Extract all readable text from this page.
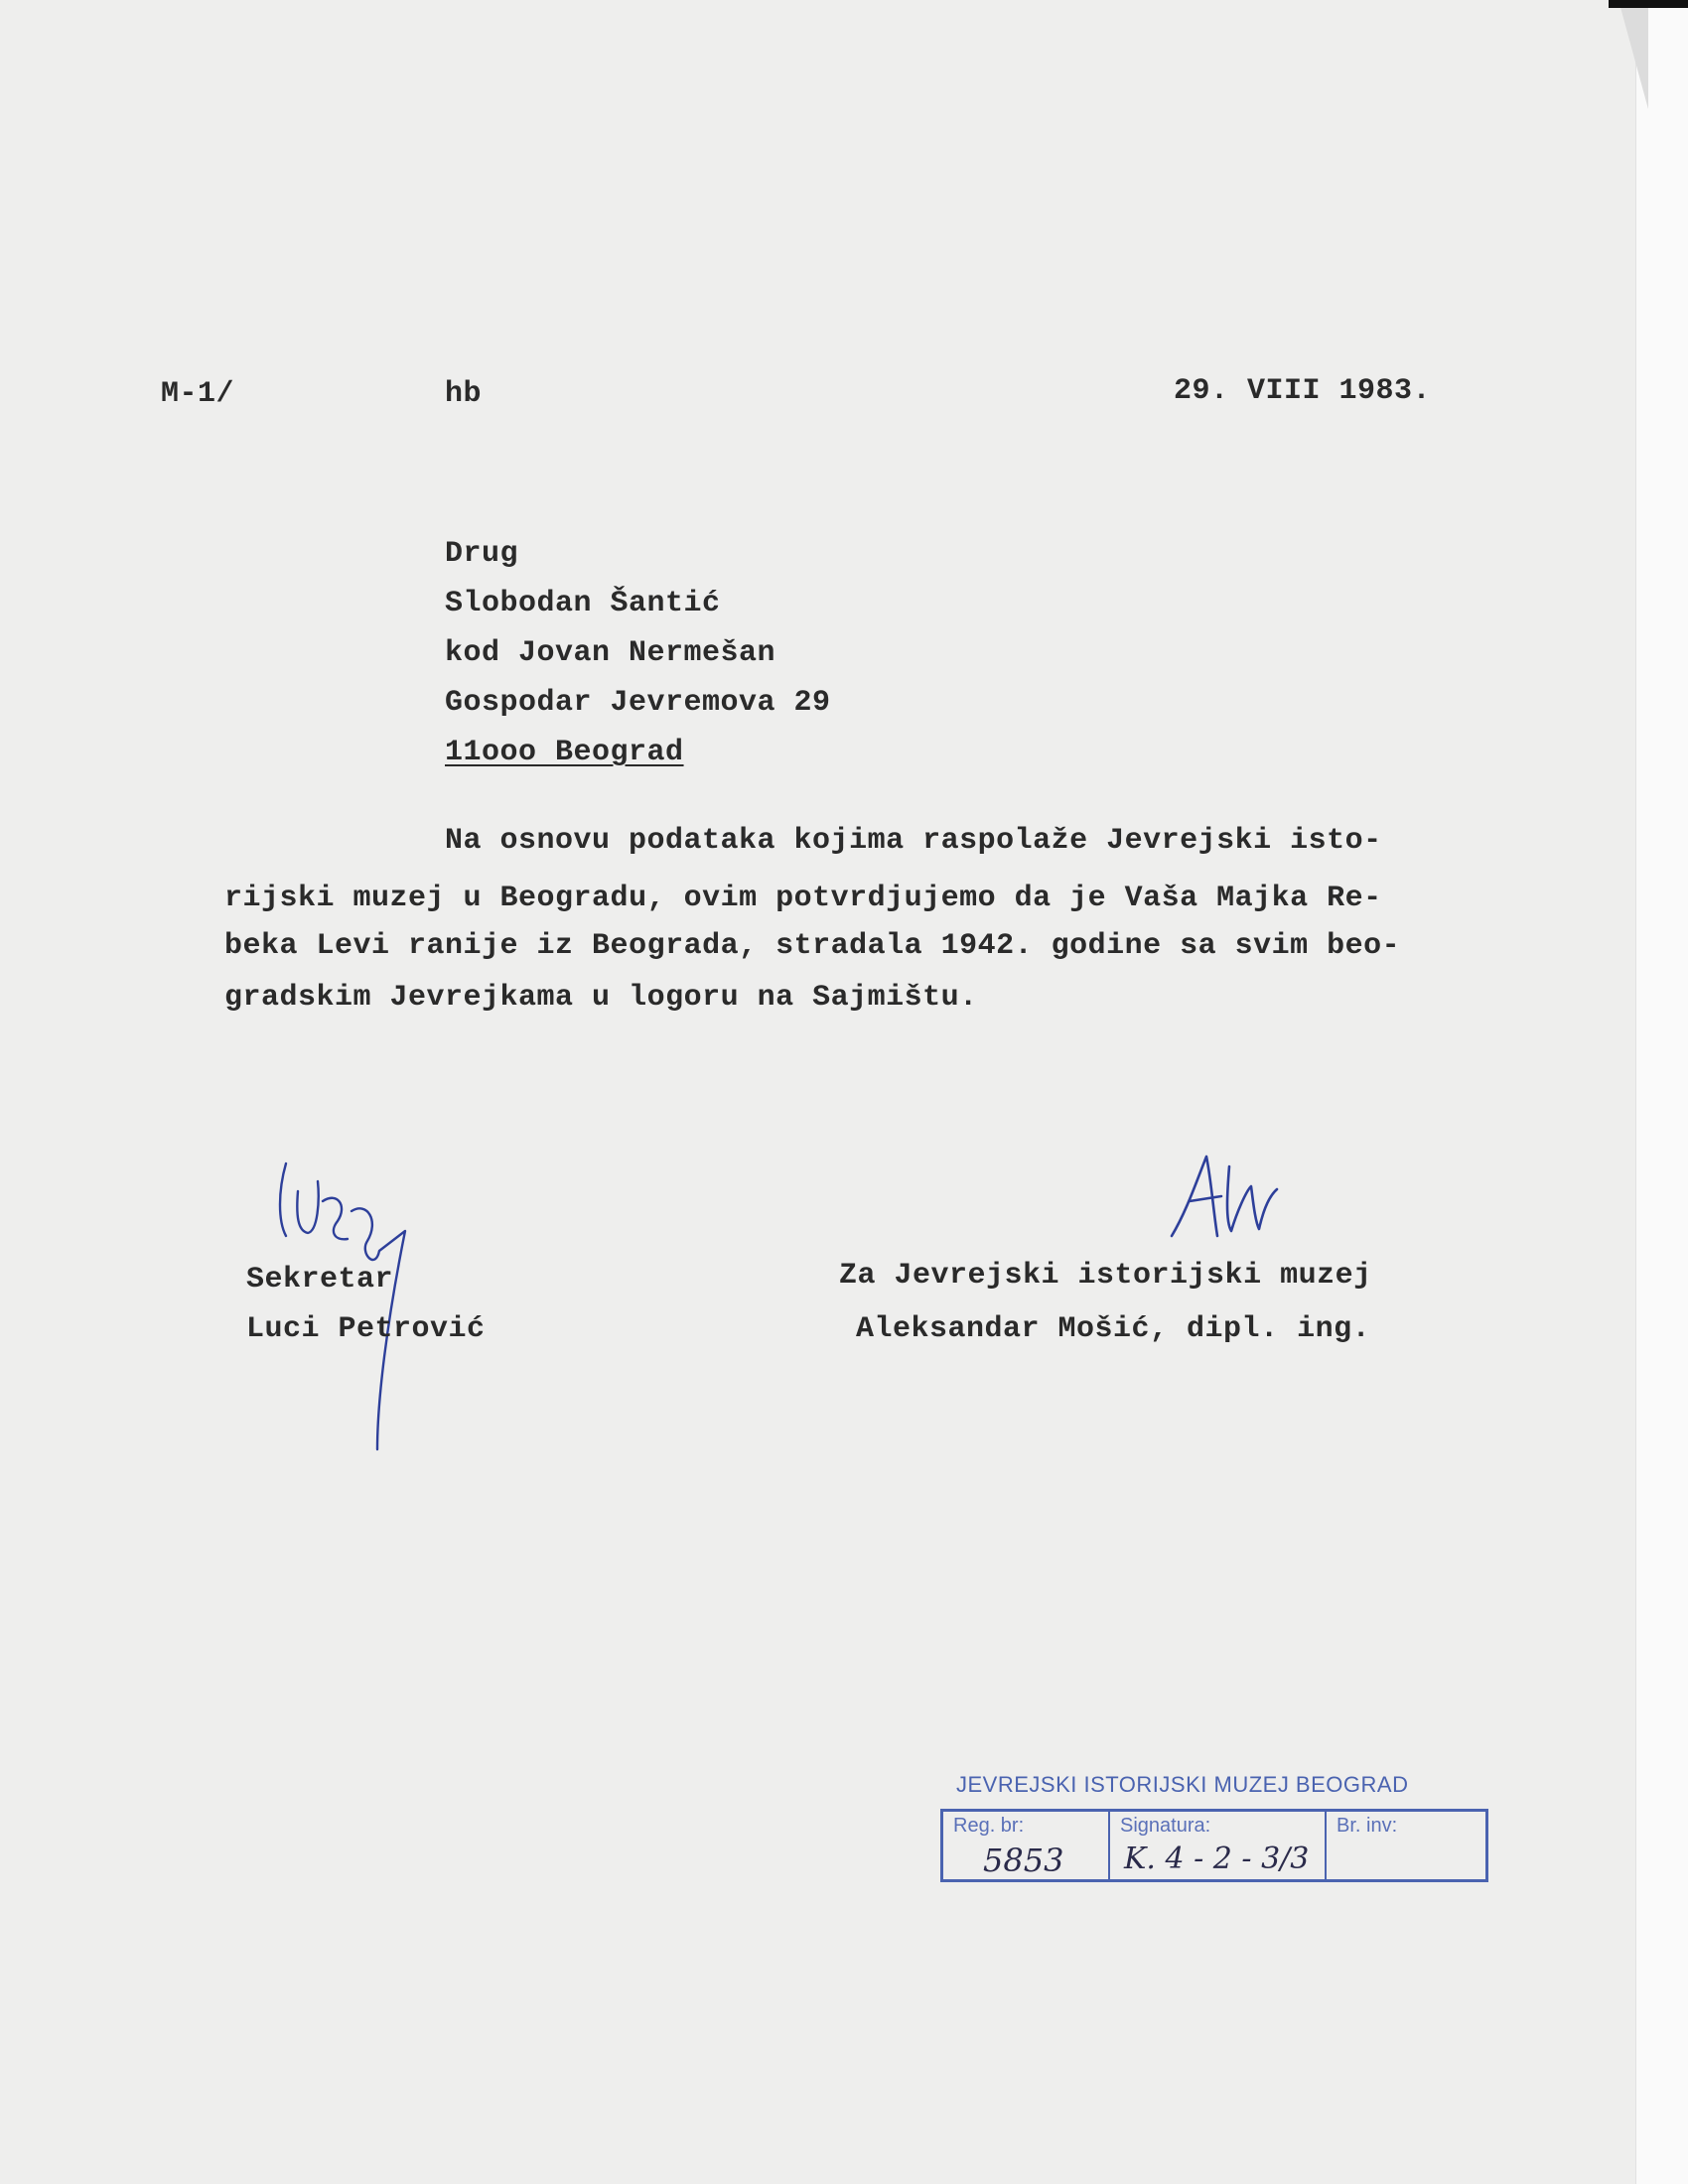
M-1/	hb	29. VIII 1983.
Drug
Slobodan Šantić
kod Jovan Nermešan
Gospodar Jevremova 29
11ooo Beograd
Na osnovu podataka kojima raspolaže Jevrejski isto-
rijski muzej u Beogradu, ovim potvrdjujemo da je Vaša Majka Re-
beka Levi ranije iz Beograda, stradala 1942. godine sa svim beo-
gradskim Jevrejkama u logoru na Sajmištu.
Sekretar
Luci Petrović
Za Jevrejski istorijski muzej
Aleksandar Mošić, dipl. ing.
JEVREJSKI ISTORIJSKI MUZEJ BEOGRAD
Reg. br:
5853
Signatura:
K. 4 - 2 - 3/3
Br. inv:
